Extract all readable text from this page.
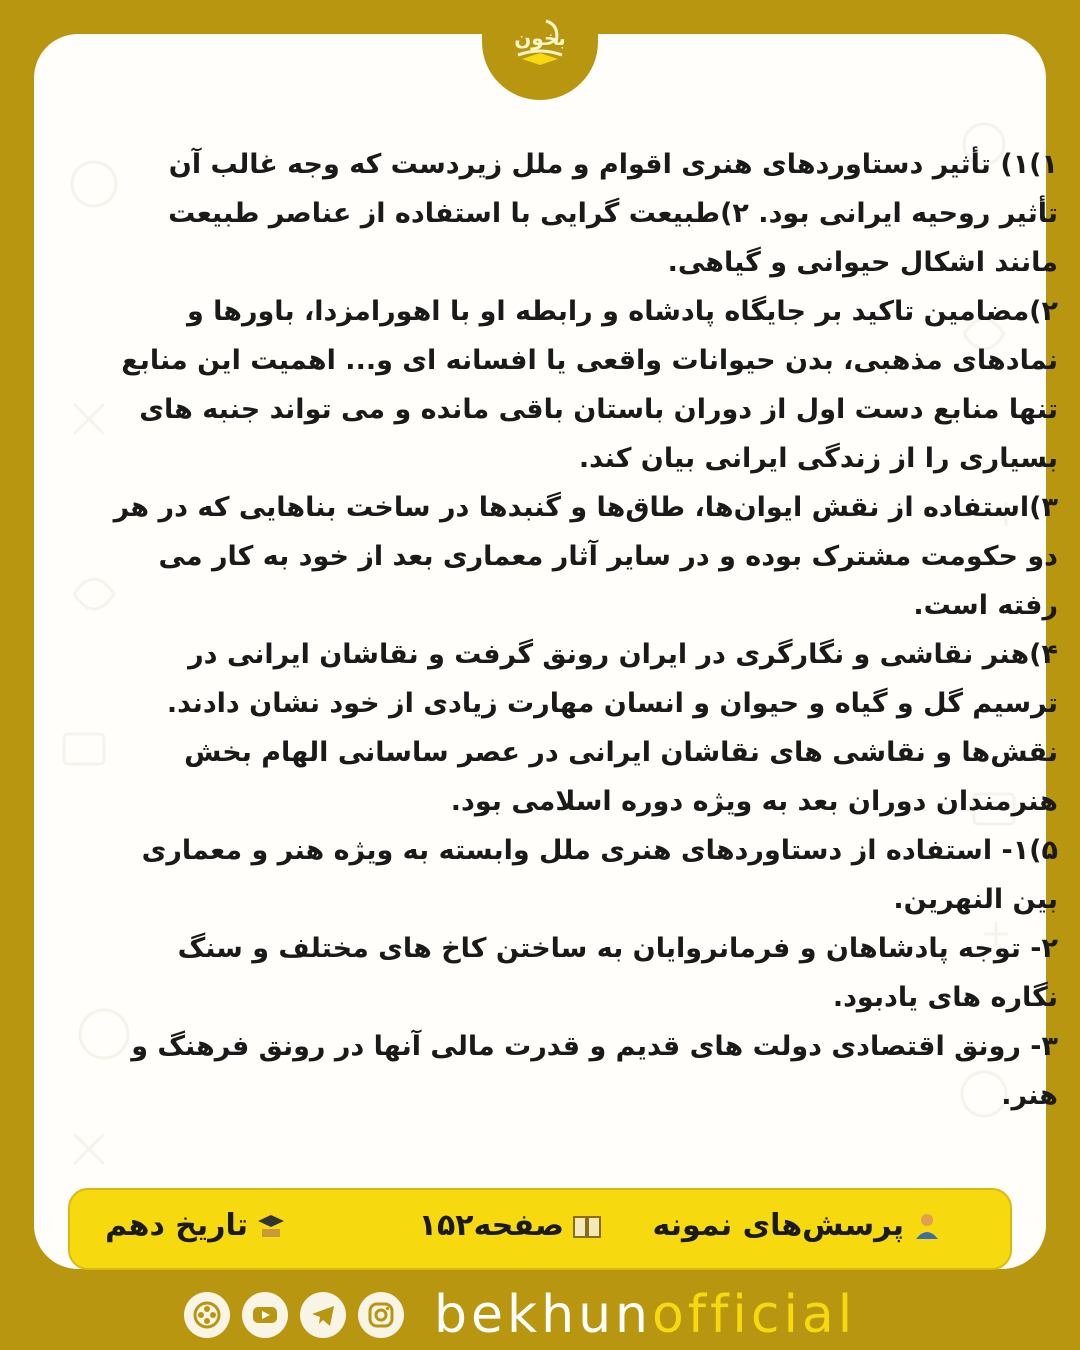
۱)۱) تأثیر دستاوردهای هنری اقوام و ملل زیردست که وجه غالب آن تأثیر روحیه ایرانی بود. ۲)طبیعت گرایی با استفاده از عناصر طبیعت مانند اشکال حیوانی و گیاهی.

۲)مضامین تاکید بر جایگاه پادشاه و رابطه او با اهورامزدا، باورها و نمادهای مذهبی، بدن حیوانات واقعی یا افسانه ای و... اهمیت این منابع تنها منابع دست اول از دوران باستان باقی مانده و می تواند جنبه های بسیاری را از زندگی ایرانی بیان کند.

۳)استفاده از نقش ایوان‌ها، طاق‌ها و گنبدها در ساخت بناهایی که در هر دو حکومت مشترک بوده و در سایر آثار معماری بعد از خود به کار می رفته است.

۴)هنر نقاشی و نگارگری در ایران رونق گرفت و نقاشان ایرانی در ترسیم گل و گیاه و حیوان و انسان مهارت زیادی از خود نشان دادند. نقش‌ها و نقاشی های نقاشان ایرانی در عصر ساسانی الهام بخش هنرمندان دوران بعد به ویژه دوره اسلامی بود.

۵)۱- استفاده از دستاوردهای هنری ملل وابسته به ویژه هنر و معماری بین النهرین.

۲- توجه پادشاهان و فرمانروایان به ساختن کاخ های مختلف و سنگ نگاره های یادبود.

۳- رونق اقتصادی دولت های قدیم و قدرت مالی آنها در رونق فرهنگ و هنر.

بخون
پرسش‌های نمونه
صفحه۱۵۲
تاریخ دهم
bekhunofficial
